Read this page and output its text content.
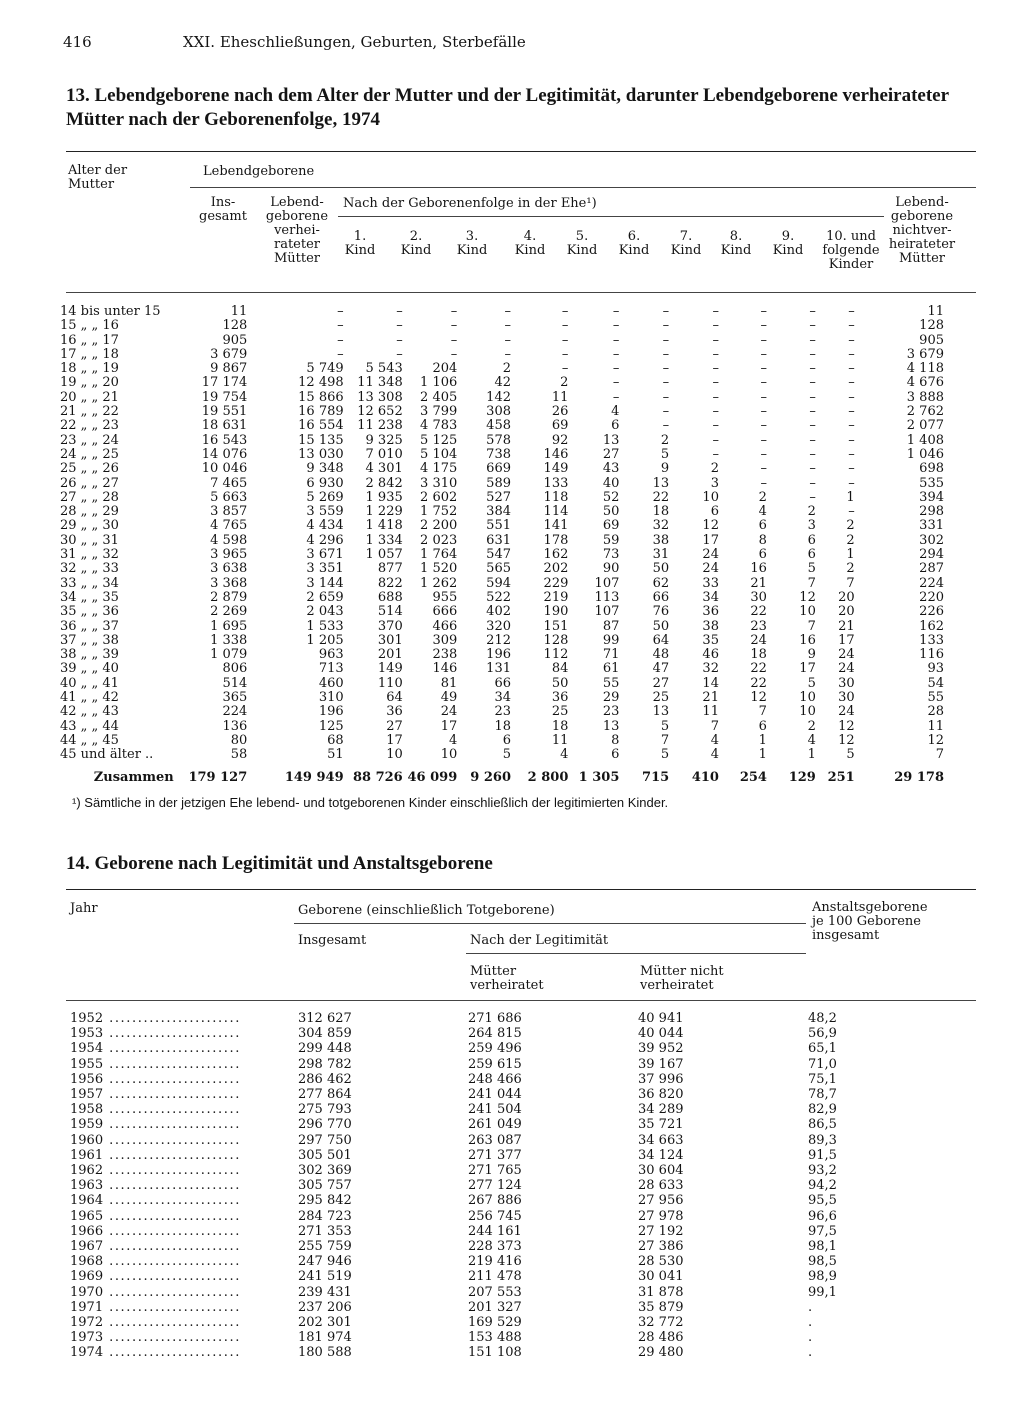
416	XXI. Eheschließungen, Geburten, Sterbefälle
13. Lebendgeborene nach dem Alter der Mutter und der Legitimität, darunter Lebendgeborene verheirateter Mütter nach der Geborenenfolge, 1974
Alter der Mutter
Lebendgeborene
Ins-gesamt
Lebend-geborene verhei-rateter Mütter
Nach der Geborenenfolge in der Ehe¹)	Lebend-geborene nichtver-heirateter Mütter
1. Kind
2. Kind
3. Kind
4. Kind
5. Kind
6. Kind
7. Kind
8. Kind
9. Kind
10. und folgende Kinder
14 bis unter 15	11	–	–	–	–	–	–	–	–	–	–	–	11
15 „ „ 16	128	–	–	–	–	–	–	–	–	–	–	–	128
16 „ „ 17	905	–	–	–	–	–	–	–	–	–	–	–	905
17 „ „ 18	3 679	–	–	–	–	–	–	–	–	–	–	–	3 679
18 „ „ 19	9 867	5 749	5 543	204	2	–	–	–	–	–	–	–	4 118
19 „ „ 20	17 174	12 498	11 348	1 106	42	2	–	–	–	–	–	–	4 676
20 „ „ 21	19 754	15 866	13 308	2 405	142	11	–	–	–	–	–	–	3 888
21 „ „ 22	19 551	16 789	12 652	3 799	308	26	4	–	–	–	–	–	2 762
22 „ „ 23	18 631	16 554	11 238	4 783	458	69	6	–	–	–	–	–	2 077
23 „ „ 24	16 543	15 135	9 325	5 125	578	92	13	2	–	–	–	–	1 408
24 „ „ 25	14 076	13 030	7 010	5 104	738	146	27	5	–	–	–	–	1 046
25 „ „ 26	10 046	9 348	4 301	4 175	669	149	43	9	2	–	–	–	698
26 „ „ 27	7 465	6 930	2 842	3 310	589	133	40	13	3	–	–	–	535
27 „ „ 28	5 663	5 269	1 935	2 602	527	118	52	22	10	2	–	1	394
28 „ „ 29	3 857	3 559	1 229	1 752	384	114	50	18	6	4	2	–	298
29 „ „ 30	4 765	4 434	1 418	2 200	551	141	69	32	12	6	3	2	331
30 „ „ 31	4 598	4 296	1 334	2 023	631	178	59	38	17	8	6	2	302
31 „ „ 32	3 965	3 671	1 057	1 764	547	162	73	31	24	6	6	1	294
32 „ „ 33	3 638	3 351	877	1 520	565	202	90	50	24	16	5	2	287
33 „ „ 34	3 368	3 144	822	1 262	594	229	107	62	33	21	7	7	224
34 „ „ 35	2 879	2 659	688	955	522	219	113	66	34	30	12	20	220
35 „ „ 36	2 269	2 043	514	666	402	190	107	76	36	22	10	20	226
36 „ „ 37	1 695	1 533	370	466	320	151	87	50	38	23	7	21	162
37 „ „ 38	1 338	1 205	301	309	212	128	99	64	35	24	16	17	133
38 „ „ 39	1 079	963	201	238	196	112	71	48	46	18	9	24	116
39 „ „ 40	806	713	149	146	131	84	61	47	32	22	17	24	93
40 „ „ 41	514	460	110	81	66	50	55	27	14	22	5	30	54
41 „ „ 42	365	310	64	49	34	36	29	25	21	12	10	30	55
42 „ „ 43	224	196	36	24	23	25	23	13	11	7	10	24	28
43 „ „ 44	136	125	27	17	18	18	13	5	7	6	2	12	11
44 „ „ 45	80	68	17	4	6	11	8	7	4	1	4	12	12
45 und älter ..	58	51	10	10	5	4	6	5	4	1	1	5	7
Zusammen	179 127	149 949	88 726	46 099	9 260	2 800	1 305	715	410	254	129	251	29 178
¹) Sämtliche in der jetzigen Ehe lebend- und totgeborenen Kinder einschließlich der legitimierten Kinder.
14. Geborene nach Legitimität und Anstaltsgeborene
Jahr	Geborene (einschließlich Totgeborene)	Anstaltsgeborene je 100 Geborene insgesamt
Insgesamt	Nach der Legitimität
Mütter verheiratet
Mütter nicht verheiratet
1952 .......................	312 627	271 686	40 941	48,2
1953 .......................	304 859	264 815	40 044	56,9
1954 .......................	299 448	259 496	39 952	65,1
1955 .......................	298 782	259 615	39 167	71,0
1956 .......................	286 462	248 466	37 996	75,1
1957 .......................	277 864	241 044	36 820	78,7
1958 .......................	275 793	241 504	34 289	82,9
1959 .......................	296 770	261 049	35 721	86,5
1960 .......................	297 750	263 087	34 663	89,3
1961 .......................	305 501	271 377	34 124	91,5
1962 .......................	302 369	271 765	30 604	93,2
1963 .......................	305 757	277 124	28 633	94,2
1964 .......................	295 842	267 886	27 956	95,5
1965 .......................	284 723	256 745	27 978	96,6
1966 .......................	271 353	244 161	27 192	97,5
1967 .......................	255 759	228 373	27 386	98,1
1968 .......................	247 946	219 416	28 530	98,5
1969 .......................	241 519	211 478	30 041	98,9
1970 .......................	239 431	207 553	31 878	99,1
1971 .......................	237 206	201 327	35 879	.
1972 .......................	202 301	169 529	32 772	.
1973 .......................	181 974	153 488	28 486	.
1974 .......................	180 588	151 108	29 480	.
